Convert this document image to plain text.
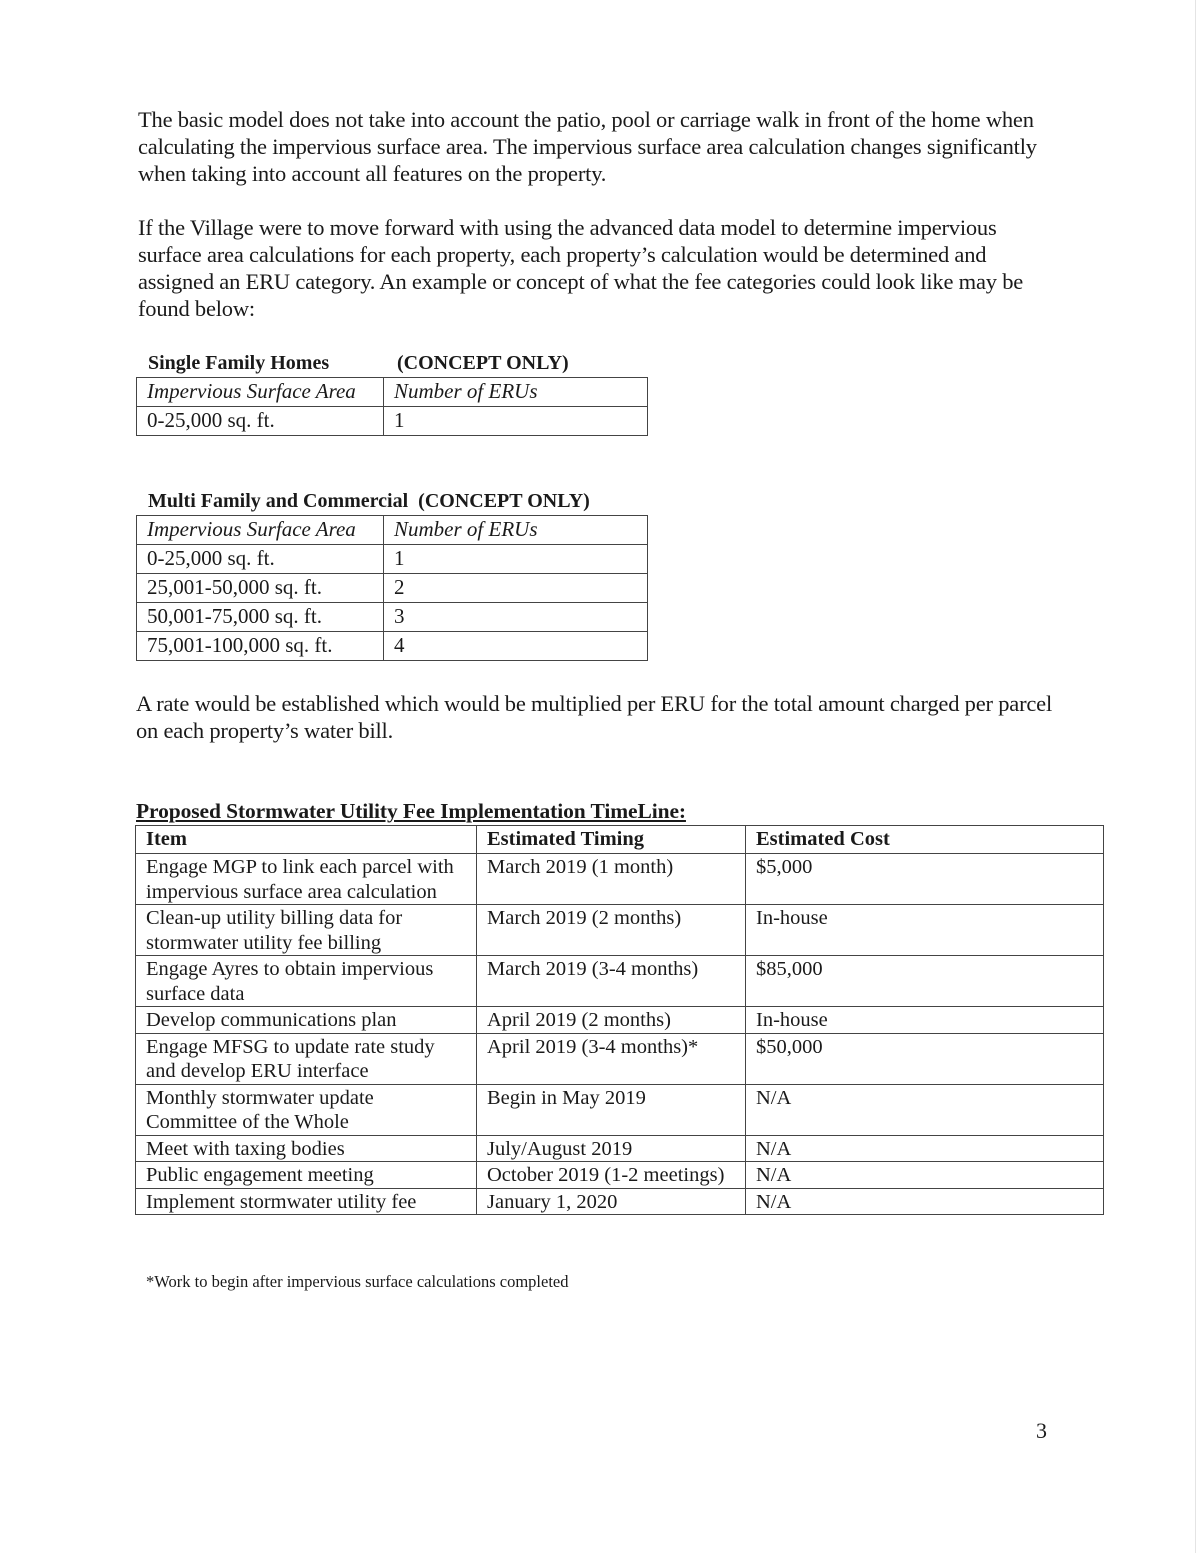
The basic model does not take into account the patio, pool or carriage walk in front of the home when calculating the impervious surface area. The impervious surface area calculation changes significantly when taking into account all features on the property.

If the Village were to move forward with using the advanced data model to determine impervious surface area calculations for each property, each property’s calculation would be determined and assigned an ERU category. An example or concept of what the fee categories could look like may be found below:

Single Family Homes	(CONCEPT ONLY)
Impervious Surface Area	Number of ERUs
0-25,000 sq. ft.	1
Multi Family and Commercial (CONCEPT ONLY)
Impervious Surface Area	Number of ERUs
0-25,000 sq. ft.	1
25,001-50,000 sq. ft.	2
50,001-75,000 sq. ft.	3
75,001-100,000 sq. ft.	4

A rate would be established which would be multiplied per ERU for the total amount charged per parcel on each property’s water bill.

Proposed Stormwater Utility Fee Implementation TimeLine:
Item	Estimated Timing	Estimated Cost
Engage MGP to link each parcel with impervious surface area calculation	March 2019 (1 month)	$5,000
Clean-up utility billing data for stormwater utility fee billing	March 2019 (2 months)	In-house
Engage Ayres to obtain impervious surface data	March 2019 (3-4 months)	$85,000
Develop communications plan	April 2019 (2 months)	In-house
Engage MFSG to update rate study and develop ERU interface	April 2019 (3-4 months)*	$50,000
Monthly stormwater update Committee of the Whole	Begin in May 2019	N/A
Meet with taxing bodies	July/August 2019	N/A
Public engagement meeting	October 2019 (1-2 meetings)	N/A
Implement stormwater utility fee	January 1, 2020	N/A
*Work to begin after impervious surface calculations completed
3
